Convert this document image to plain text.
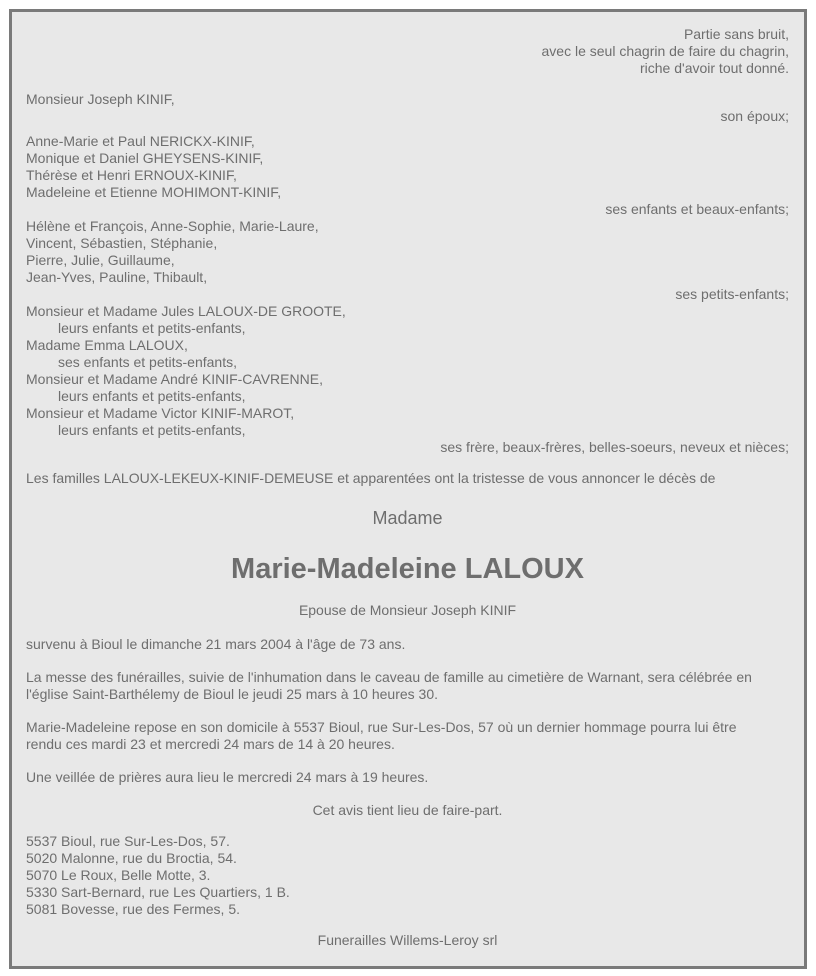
Partie sans bruit,
avec le seul chagrin de faire du chagrin,
riche d'avoir tout donné.
Monsieur Joseph KINIF,
son époux;
Anne-Marie et Paul NERICKX-KINIF,
Monique et Daniel GHEYSENS-KINIF,
Thérèse et Henri ERNOUX-KINIF,
Madeleine et Etienne MOHIMONT-KINIF,
ses enfants et beaux-enfants;
Hélène et François, Anne-Sophie, Marie-Laure,
Vincent, Sébastien, Stéphanie,
Pierre, Julie, Guillaume,
Jean-Yves, Pauline, Thibault,
ses petits-enfants;
Monsieur et Madame Jules LALOUX-DE GROOTE,
leurs enfants et petits-enfants,
Madame Emma LALOUX,
ses enfants et petits-enfants,
Monsieur et Madame André KINIF-CAVRENNE,
leurs enfants et petits-enfants,
Monsieur et Madame Victor KINIF-MAROT,
leurs enfants et petits-enfants,
ses frère, beaux-frères, belles-soeurs, neveux et nièces;
Les familles LALOUX-LEKEUX-KINIF-DEMEUSE et apparentées ont la tristesse de vous annoncer le décès de
Madame
Marie-Madeleine LALOUX
Epouse de Monsieur Joseph KINIF
survenu à Bioul le dimanche 21 mars 2004 à l'âge de 73 ans.
La messe des funérailles, suivie de l'inhumation dans le caveau de famille au cimetière de Warnant, sera célébrée en
l'église Saint-Barthélemy de Bioul le jeudi 25 mars à 10 heures 30.
Marie-Madeleine repose en son domicile à 5537 Bioul, rue Sur-Les-Dos, 57 où un dernier hommage pourra lui être
rendu ces mardi 23 et mercredi 24 mars de 14 à 20 heures.
Une veillée de prières aura lieu le mercredi 24 mars à 19 heures.
Cet avis tient lieu de faire-part.
5537 Bioul, rue Sur-Les-Dos, 57.
5020 Malonne, rue du Broctia, 54.
5070 Le Roux, Belle Motte, 3.
5330 Sart-Bernard, rue Les Quartiers, 1 B.
5081 Bovesse, rue des Fermes, 5.
Funerailles Willems-Leroy srl
